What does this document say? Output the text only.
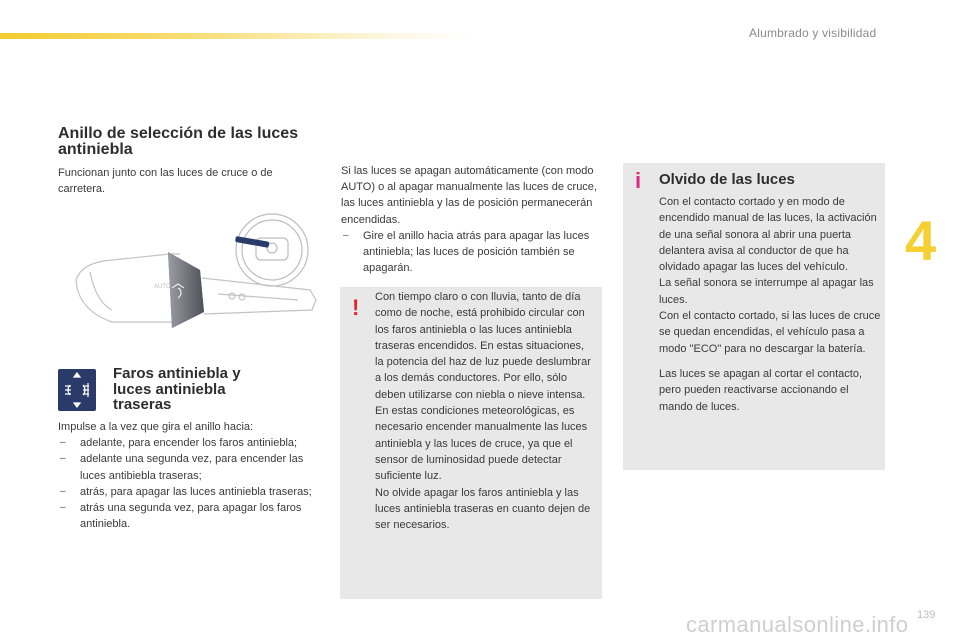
Alumbrado y visibilidad
4
139
carmanualsonline.info
Anillo de selección de las luces antiniebla

Funcionan junto con las luces de cruce o de carretera.

AUTO
Faros antiniebla y luces antiniebla traseras

Impulse a la vez que gira el anillo hacia:

‒ adelante, para encender los faros antiniebla;
‒ adelante una segunda vez, para encender las luces antibiebla traseras;
‒ atrás, para apagar las luces antiniebla traseras;
‒ atrás una segunda vez, para apagar los faros antiniebla.

Si las luces se apagan automáticamente (con modo AUTO) o al apagar manualmente las luces de cruce, las luces antiniebla y las de posición permanecerán encendidas.

‒ Gire el anillo hacia atrás para apagar las luces antiniebla; las luces de posición también se apagarán.
! Con tiempo claro o con lluvia, tanto de día como de noche, está prohibido circular con los faros antiniebla o las luces antiniebla traseras encendidos. En estas situaciones, la potencia del haz de luz puede deslumbrar a los demás conductores. Por ello, sólo deben utilizarse con niebla o nieve intensa.

En estas condiciones meteorológicas, es necesario encender manualmente las luces antiniebla y las luces de cruce, ya que el sensor de luminosidad puede detectar suficiente luz.

No olvide apagar los faros antiniebla y las luces antiniebla traseras en cuanto dejen de ser necesarios.

i Olvido de las luces

Con el contacto cortado y en modo de encendido manual de las luces, la activación de una señal sonora al abrir una puerta delantera avisa al conductor de que ha olvidado apagar las luces del vehículo.

La señal sonora se interrumpe al apagar las luces.

Con el contacto cortado, si las luces de cruce se quedan encendidas, el vehículo pasa a modo "ECO" para no descargar la batería.

Las luces se apagan al cortar el contacto, pero pueden reactivarse accionando el mando de luces.
